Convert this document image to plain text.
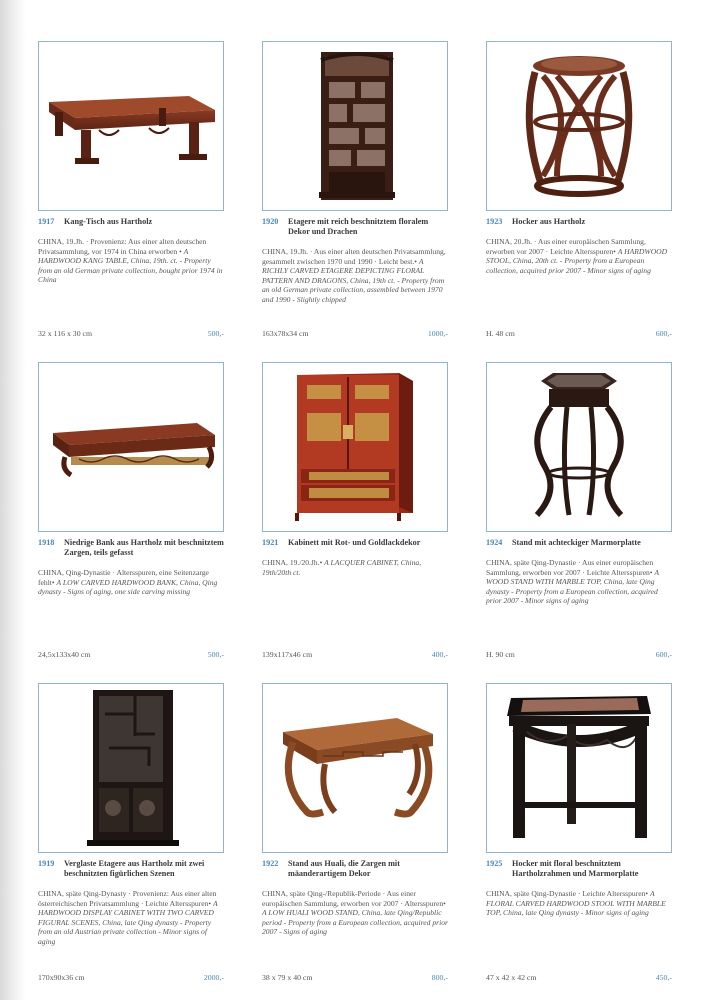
1917	Kang-Tisch aus Hartholz
CHINA, 19.Jh. · Provenienz: Aus einer alten deutschen Privatsammlung, vor 1974 in China erworben • A HARDWOOD KANG TABLE, China, 19th. ct. - Property from an old German private collection, bought prior 1974 in China
32 x 116 x 30 cm	500,-
1920	Etagere mit reich beschnitztem floralem Dekor und Drachen
CHINA, 19.Jh. · Aus einer alten deutschen Privatsammlung, gesammelt zwischen 1970 und 1990 · Leicht best.• A RICHLY CARVED ETAGERE DEPICTING FLORAL PATTERN AND DRAGONS, China, 19th ct. - Property from an old German private collection, assembled between 1970 and 1990 - Slightly chipped
163x78x34 cm	1000,-
1923	Hocker aus Hartholz
CHINA, 20.Jh. · Aus einer europäischen Sammlung, erworben vor 2007 · Leichte Altersspuren• A HARDWOOD STOOL, China, 20th ct. - Property from a European collection, acquired prior 2007 - Minor signs of aging
H. 48 cm	600,-
1918	Niedrige Bank aus Hartholz mit beschnitztem Zargen, teils gefasst
CHINA, Qing-Dynastie · Altersspuren, eine Seitenzarge fehlt• A LOW CARVED HARDWOOD BANK, China, Qing dynasty - Signs of aging, one side carving missing
24,5x133x40 cm	500,-
1921	Kabinett mit Rot- und Goldlackdekor
CHINA, 19./20.Jh.• A LACQUER CABINET, China, 19th/20th ct.
139x117x46 cm	400,-
1924	Stand mit achteckiger Marmorplatte
CHINA, späte Qing-Dynastie · Aus einer europäischen Sammlung, erworben vor 2007 · Leichte Altersspuren• A WOOD STAND WITH MARBLE TOP, China, late Qing dynasty - Property from a European collection, acquired prior 2007 - Minor signs of aging
H. 90 cm	600,-
1919	Verglaste Etagere aus Hartholz mit zwei beschnitzten figürlichen Szenen
CHINA, späte Qing-Dynasty · Provenienz: Aus einer alten österreichischen Privatsammlung · Leichte Altersspuren• A HARDWOOD DISPLAY CABINET WITH TWO CARVED FIGURAL SCENES, China, late Qing dynasty - Property from an old Austrian private collection - Minor signs of aging
170x90x36 cm	2000,-
1922	Stand aus Huali, die Zargen mit mäanderartigem Dekor
CHINA, späte Qing-/Republik-Periode · Aus einer europäischen Sammlung, erworben vor 2007 · Altersspuren• A LOW HUALI WOOD STAND, China, late Qing/Republic period - Property from a European collection, acquired prior 2007 - Signs of aging
38 x 79 x 40 cm	800,-
1925	Hocker mit floral beschnitztem Hartholzrahmen und Marmorplatte
CHINA, späte Qing-Dynastie · Leichte Altersspuren• A FLORAL CARVED HARDWOOD STOOL WITH MARBLE TOP, China, late Qing dynasty - Minor signs of aging
47 x 42 x 42 cm	450,-
